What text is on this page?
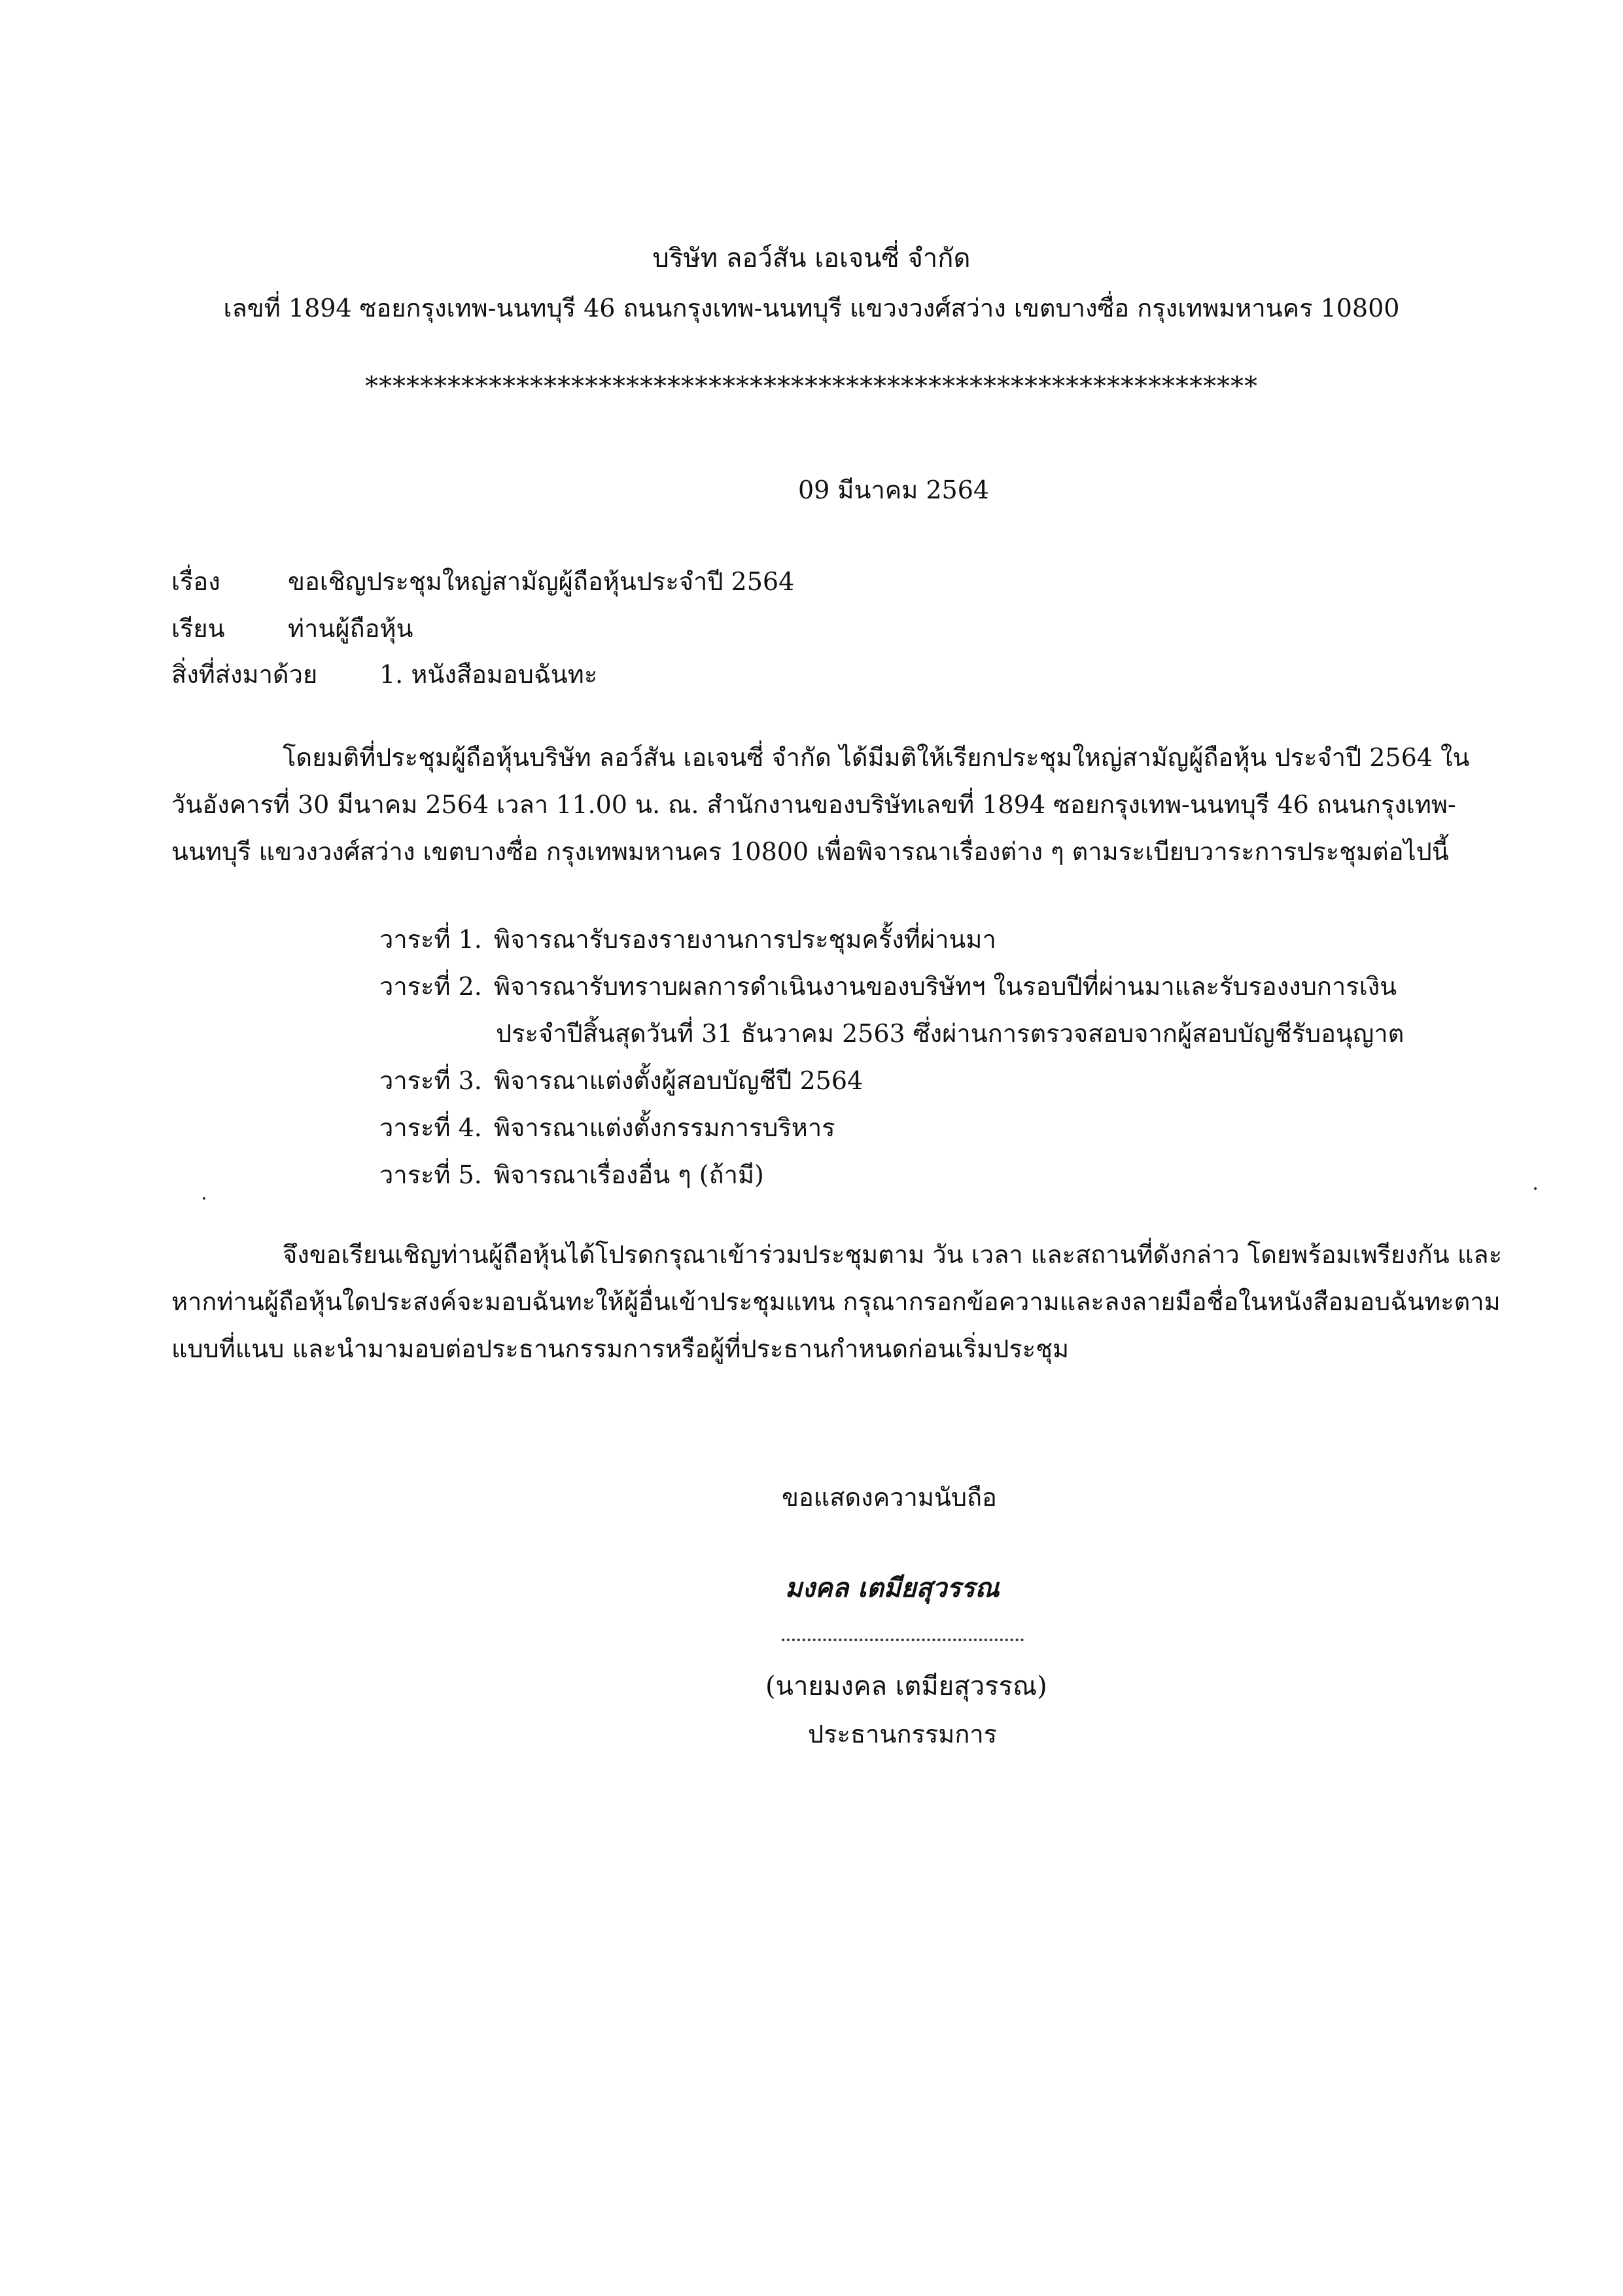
บริษัท ลอว์สัน เอเจนซี่ จำกัด
เลขที่ 1894 ซอยกรุงเทพ-นนทบุรี 46 ถนนกรุงเทพ-นนทบุรี แขวงวงศ์สว่าง เขตบางซื่อ กรุงเทพมหานคร 10800
*****************************************************************
09 มีนาคม 2564
เรื่อง	ขอเชิญประชุมใหญ่สามัญผู้ถือหุ้นประจำปี 2564
เรียน	ท่านผู้ถือหุ้น
สิ่งที่ส่งมาด้วย 1. หนังสือมอบฉันทะ
โดยมติที่ประชุมผู้ถือหุ้นบริษัท ลอว์สัน เอเจนซี่ จำกัด ได้มีมติให้เรียกประชุมใหญ่สามัญผู้ถือหุ้น ประจำปี 2564 ใน
วันอังคารที่ 30 มีนาคม 2564 เวลา 11.00 น. ณ. สำนักงานของบริษัทเลขที่ 1894 ซอยกรุงเทพ-นนทบุรี 46 ถนนกรุงเทพ-
นนทบุรี แขวงวงศ์สว่าง เขตบางซื่อ กรุงเทพมหานคร 10800 เพื่อพิจารณาเรื่องต่าง ๆ ตามระเบียบวาระการประชุมต่อไปนี้
วาระที่ 1. พิจารณารับรองรายงานการประชุมครั้งที่ผ่านมา
วาระที่ 2. พิจารณารับทราบผลการดำเนินงานของบริษัทฯ ในรอบปีที่ผ่านมาและรับรองงบการเงิน
ประจำปีสิ้นสุดวันที่ 31 ธันวาคม 2563 ซึ่งผ่านการตรวจสอบจากผู้สอบบัญชีรับอนุญาต
วาระที่ 3. พิจารณาแต่งตั้งผู้สอบบัญชีปี 2564
วาระที่ 4. พิจารณาแต่งตั้งกรรมการบริหาร
วาระที่ 5. พิจารณาเรื่องอื่น ๆ (ถ้ามี)
จึงขอเรียนเชิญท่านผู้ถือหุ้นได้โปรดกรุณาเข้าร่วมประชุมตาม วัน เวลา และสถานที่ดังกล่าว โดยพร้อมเพรียงกัน และ
หากท่านผู้ถือหุ้นใดประสงค์จะมอบฉันทะให้ผู้อื่นเข้าประชุมแทน กรุณากรอกข้อความและลงลายมือชื่อในหนังสือมอบฉันทะตาม
แบบที่แนบ และนำมามอบต่อประธานกรรมการหรือผู้ที่ประธานกำหนดก่อนเริ่มประชุม
ขอแสดงความนับถือ
มงคล เตมียสุวรรณ
(นายมงคล เตมียสุวรรณ)
ประธานกรรมการ
